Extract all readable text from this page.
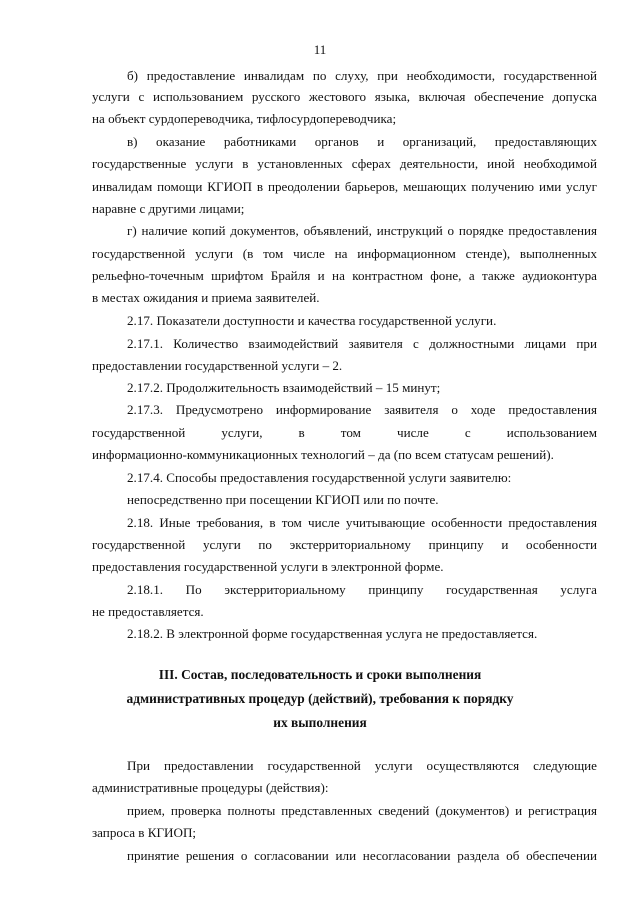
11
б) предоставление инвалидам по слуху, при необходимости, государственной
услуги с использованием русского жестового языка, включая обеспечение допуска
на объект сурдопереводчика, тифлосурдопереводчика;
в) оказание работниками органов и организаций, предоставляющих
государственные услуги в установленных сферах деятельности, иной необходимой
инвалидам помощи КГИОП в преодолении барьеров, мешающих получению ими услуг
наравне с другими лицами;
г) наличие копий документов, объявлений, инструкций о порядке предоставления
государственной услуги (в том числе на информационном стенде), выполненных
рельефно-точечным шрифтом Брайля и на контрастном фоне, а также аудиоконтура
в местах ожидания и приема заявителей.
2.17. Показатели доступности и качества государственной услуги.
2.17.1. Количество взаимодействий заявителя с должностными лицами при
предоставлении государственной услуги – 2.
2.17.2. Продолжительность взаимодействий – 15 минут;
2.17.3. Предусмотрено информирование заявителя о ходе предоставления
государственной услуги, в том числе с использованием
информационно-коммуникационных технологий – да (по всем статусам решений).
2.17.4. Способы предоставления государственной услуги заявителю:
непосредственно при посещении КГИОП или по почте.
2.18. Иные требования, в том числе учитывающие особенности предоставления
государственной услуги по экстерриториальному принципу и особенности
предоставления государственной услуги в электронной форме.
2.18.1. По экстерриториальному принципу государственная услуга
не предоставляется.
2.18.2. В электронной форме государственная услуга не предоставляется.
III. Состав, последовательность и сроки выполнения
административных процедур (действий), требования к порядку
их выполнения
При предоставлении государственной услуги осуществляются следующие
административные процедуры (действия):
прием, проверка полноты представленных сведений (документов) и регистрация
запроса в КГИОП;
принятие решения о согласовании или несогласовании раздела об обеспечении
